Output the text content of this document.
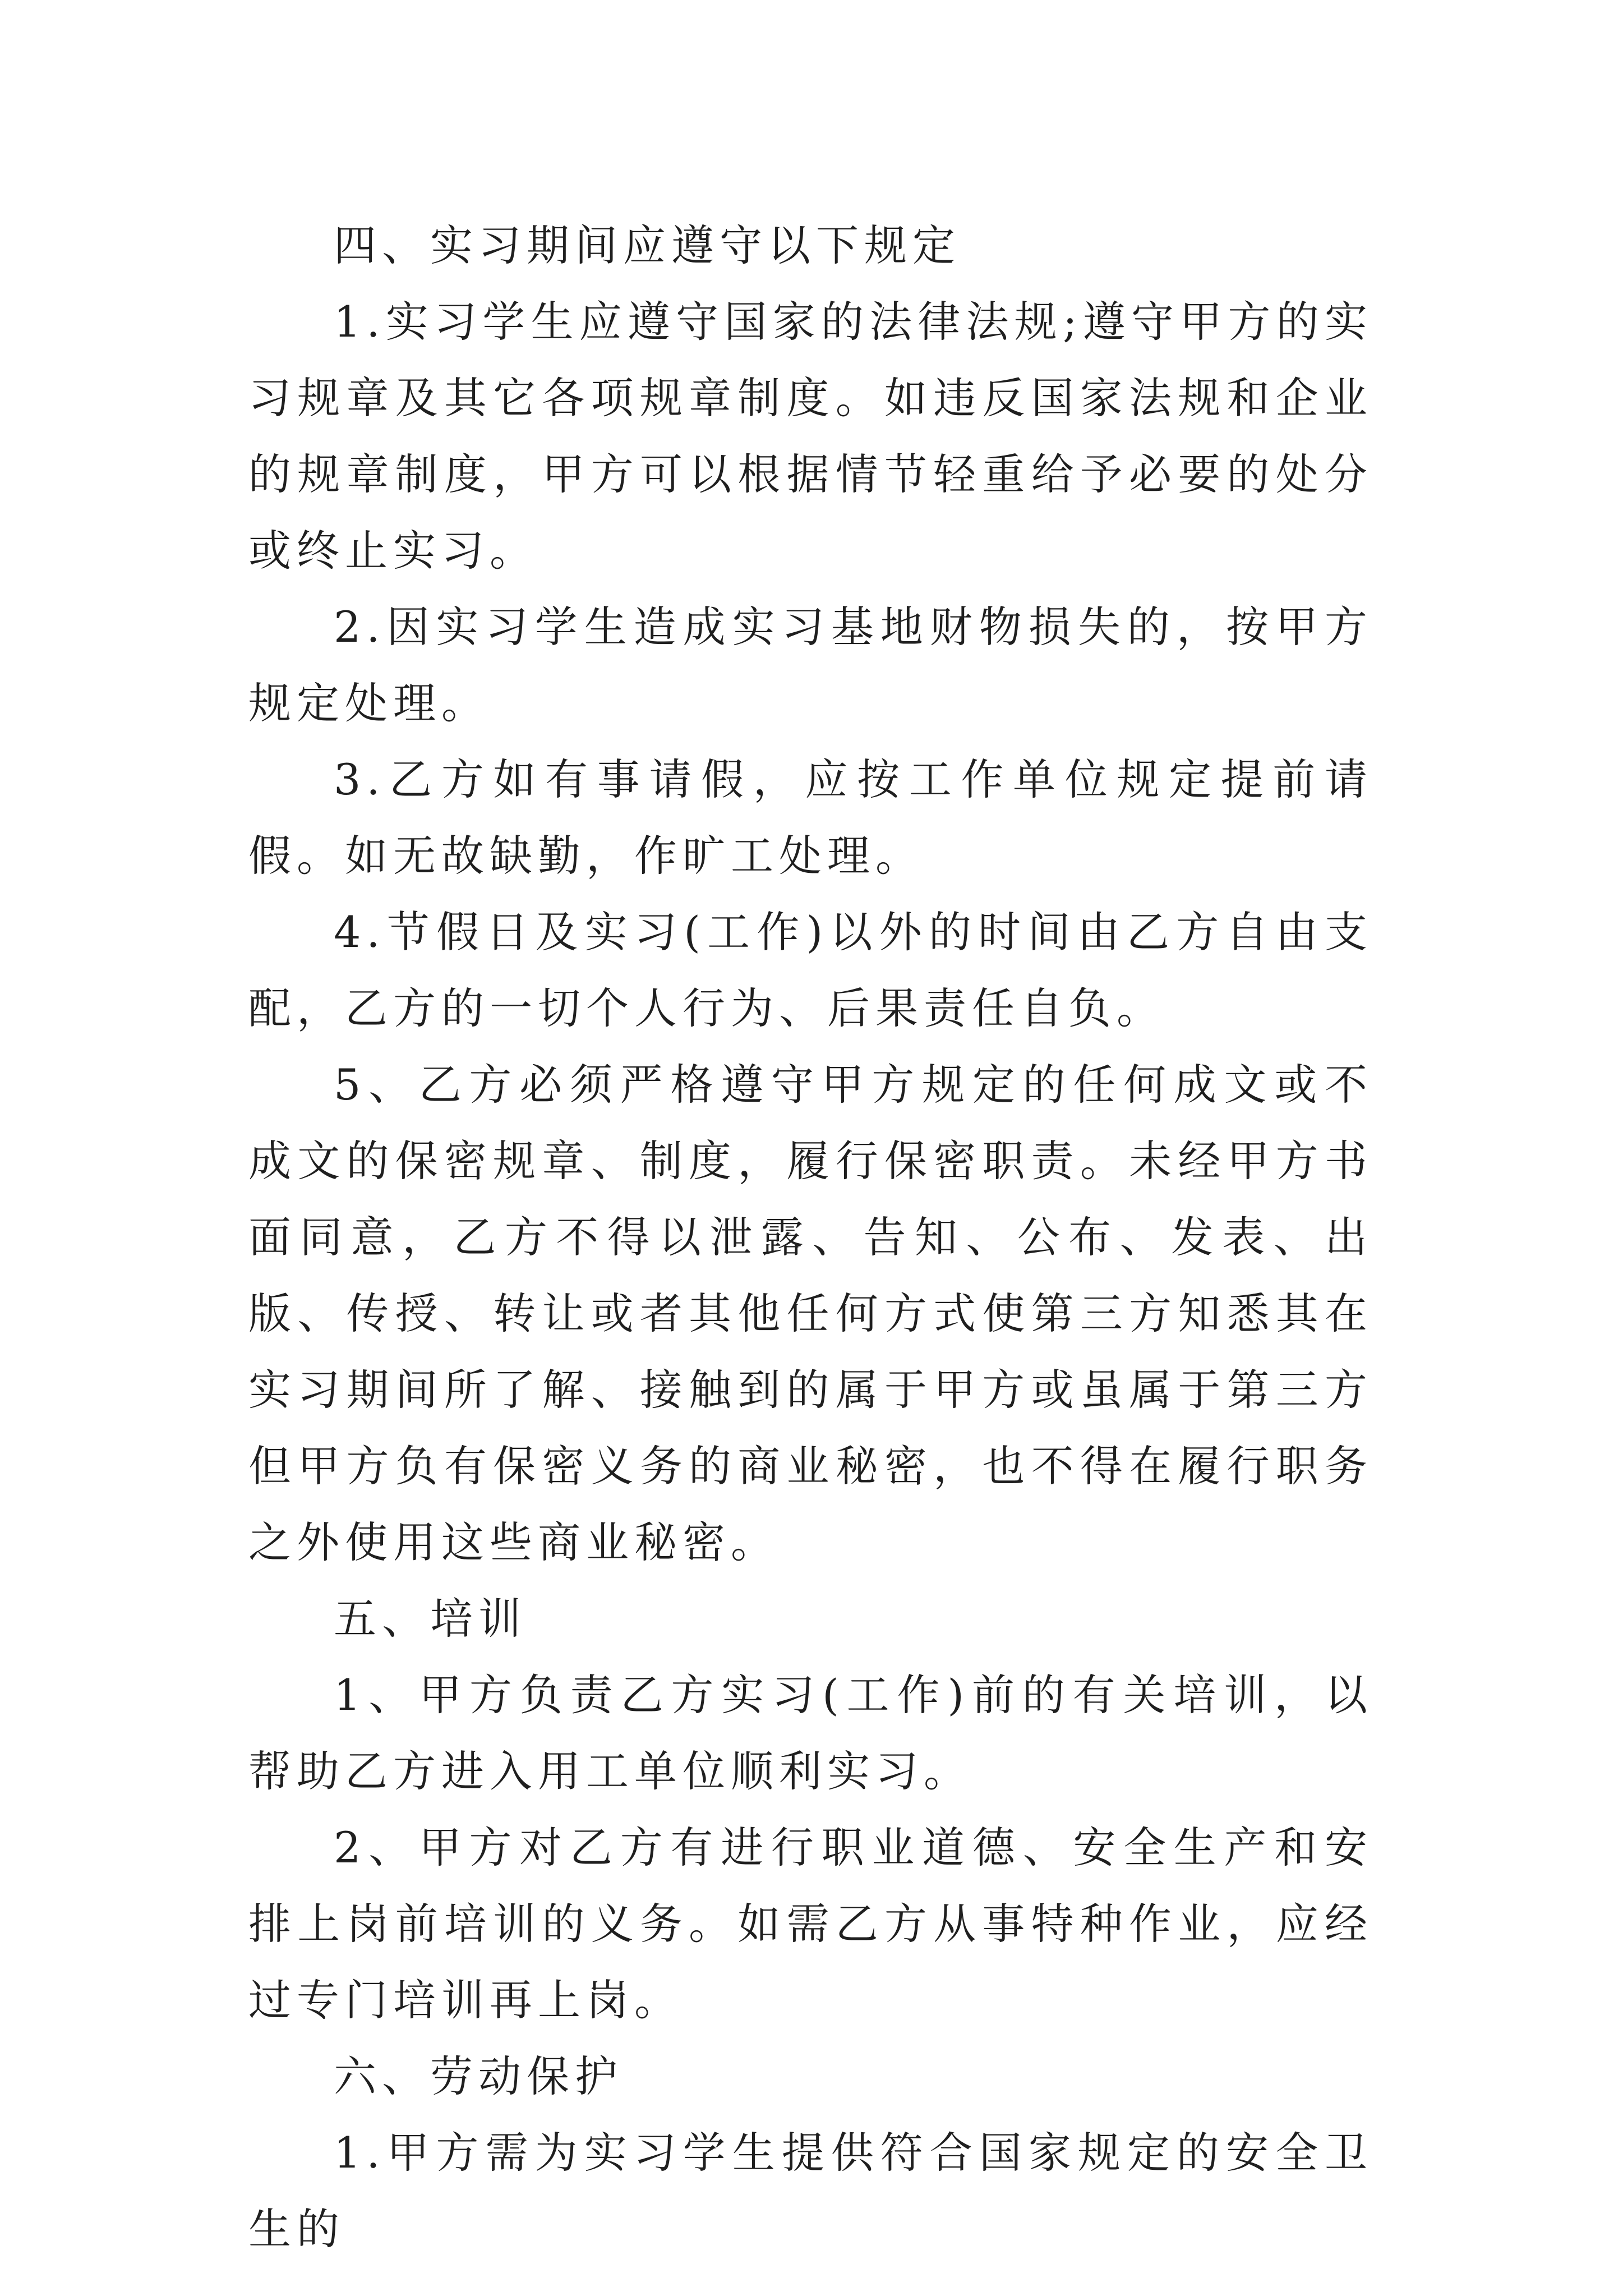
四、实习期间应遵守以下规定

1.实习学生应遵守国家的法律法规;遵守甲方的实习规章及其它各项规章制度。如违反国家法规和企业的规章制度，甲方可以根据情节轻重给予必要的处分或终止实习。

2.因实习学生造成实习基地财物损失的，按甲方规定处理。

3.乙方如有事请假，应按工作单位规定提前请假。如无故缺勤，作旷工处理。

4.节假日及实习(工作)以外的时间由乙方自由支配，乙方的一切个人行为、后果责任自负。

5、乙方必须严格遵守甲方规定的任何成文或不成文的保密规章、制度，履行保密职责。未经甲方书面同意，乙方不得以泄露、告知、公布、发表、出版、传授、转让或者其他任何方式使第三方知悉其在实习期间所了解、接触到的属于甲方或虽属于第三方但甲方负有保密义务的商业秘密，也不得在履行职务之外使用这些商业秘密。

五、培训

1、甲方负责乙方实习(工作)前的有关培训，以帮助乙方进入用工单位顺利实习。

2、甲方对乙方有进行职业道德、安全生产和安排上岗前培训的义务。如需乙方从事特种作业，应经过专门培训再上岗。

六、劳动保护

1.甲方需为实习学生提供符合国家规定的安全卫生的
